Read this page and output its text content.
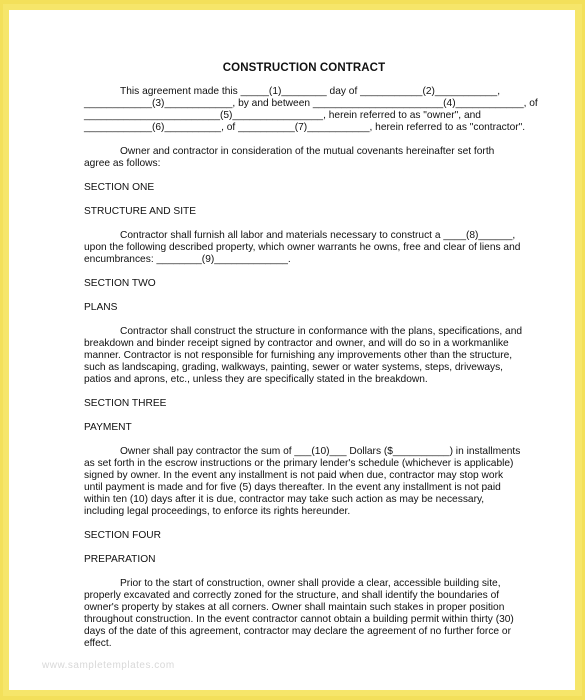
CONSTRUCTION CONTRACT
This agreement made this _____(1)________ day of ___________(2)___________,
____________(3)____________, by and between _______________________(4)____________, of
________________________(5)________________, herein referred to as "owner", and
____________(6)__________, of __________(7)___________, herein referred to as "contractor".
Owner and contractor in consideration of the mutual covenants hereinafter set forth
agree as follows:
SECTION ONE
STRUCTURE AND SITE
Contractor shall furnish all labor and materials necessary to construct a ____(8)______,
upon the following described property, which owner warrants he owns, free and clear of liens and
encumbrances: ________(9)_____________.
SECTION TWO
PLANS
Contractor shall construct the structure in conformance with the plans, specifications, and
breakdown and binder receipt signed by contractor and owner, and will do so in a workmanlike
manner. Contractor is not responsible for furnishing any improvements other than the structure,
such as landscaping, grading, walkways, painting, sewer or water systems, steps, driveways,
patios and aprons, etc., unless they are specifically stated in the breakdown.
SECTION THREE
PAYMENT
Owner shall pay contractor the sum of ___(10)___ Dollars ($__________) in installments
as set forth in the escrow instructions or the primary lender's schedule (whichever is applicable)
signed by owner. In the event any installment is not paid when due, contractor may stop work
until payment is made and for five (5) days thereafter. In the event any installment is not paid
within ten (10) days after it is due, contractor may take such action as may be necessary,
including legal proceedings, to enforce its rights hereunder.
SECTION FOUR
PREPARATION
Prior to the start of construction, owner shall provide a clear, accessible building site,
properly excavated and correctly zoned for the structure, and shall identify the boundaries of
owner's property by stakes at all corners. Owner shall maintain such stakes in proper position
throughout construction. In the event contractor cannot obtain a building permit within thirty (30)
days of the date of this agreement, contractor may declare the agreement of no further force or
effect.
www.sampletemplates.com
